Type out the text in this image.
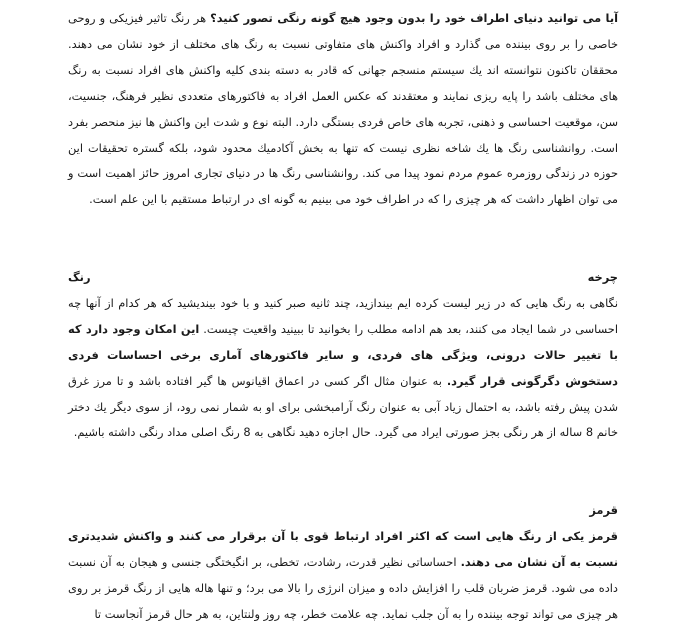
آیا می توانید دنیای اطراف خود را بدون وجود هیچ گونه رنگی تصور کنید؟ هر رنگ تاثیر فیزیکی و روحی خاصی را بر روی بیننده می گذارد و افراد واکنش های متفاوتی نسبت به رنگ های مختلف از خود نشان می دهند. محققان تاکنون نتوانسته اند یك سیستم منسجم جهانی که قادر به دسته بندی کلیه واکنش های افراد نسبت به رنگ های مختلف باشد را پایه ریزی نمایند و معتقدند که عکس العمل افراد به فاکتورهای متعددی نظیر فرهنگ، جنسیت، سن، موقعیت احساسی و ذهنی، تجربه های خاص فردی بستگی دارد. البته نوع و شدت این واکنش ها نیز منحصر بفرد است. روانشناسی رنگ ها یك شاخه نظری نیست که تنها به بخش آکادمیك محدود شود، بلکه گستره تحقیقات این حوزه در زندگی روزمره عموم مردم نمود پیدا می کند. روانشناسی رنگ ها در دنیای تجاری امروز حائز اهمیت است و می توان اظهار داشت که هر چیزی را که در اطراف خود می بینیم به گونه ای در ارتباط مستقیم با این علم است.

چرخه رنگ

نگاهی به رنگ هایی که در زیر لیست کرده ایم بیندازید، چند ثانیه صبر کنید و با خود بیندیشید که هر کدام از آنها چه احساسی در شما ایجاد می کنند، بعد هم ادامه مطلب را بخوانید تا ببینید واقعیت چیست. این امکان وجود دارد که با تغییر حالات درونی، ویژگی های فردی، و سایر فاکتورهای آماری برخی احساسات فردی دستخوش دگرگونی قرار گیرد. به عنوان مثال اگر کسی در اعماق اقیانوس ها گیر افتاده باشد و تا مرز غرق شدن پیش رفته باشد، به احتمال زیاد آبی به عنوان رنگ آرامبخشی برای او به شمار نمی رود، از سوی دیگر یك دختر خانم 8 ساله از هر رنگی بجز صورتی ایراد می گیرد. حال اجازه دهید نگاهی به 8 رنگ اصلی مداد رنگی داشته باشیم.

قرمز

قرمز یکی از رنگ هایی است که اکثر افراد ارتباط قوی با آن برقرار می کنند و واکنش شدیدتری نسبت به آن نشان می دهند. احساساتی نظیر قدرت، رشادت، تخطی، بر انگیختگی جنسی و هیجان به آن نسبت داده می شود. قرمز ضربان قلب را افزایش داده و میزان انرژی را بالا می برد؛ و تنها هاله هایی از رنگ قرمز بر روی هر چیزی می تواند توجه بیننده را به آن جلب نماید. چه علامت خطر، چه روز ولنتاین، به هر حال قرمز آنجاست تا
